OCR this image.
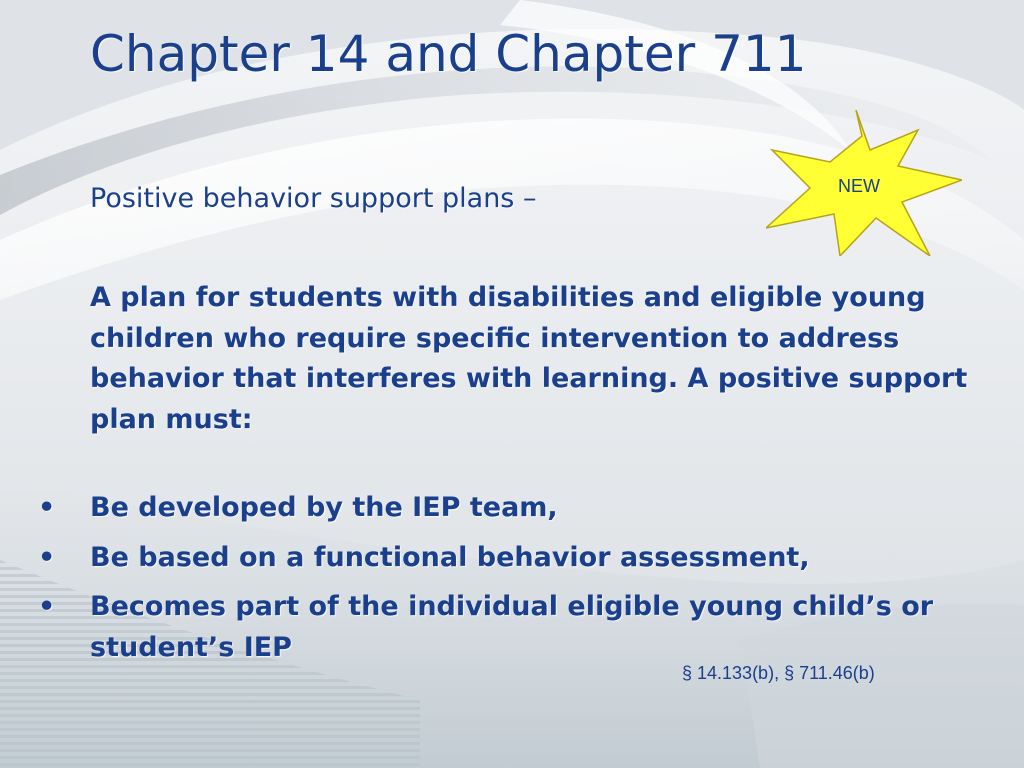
Chapter 14 and Chapter 711

Positive behavior support plans –	NEW
A plan for students with disabilities and eligible young children who require specific intervention to address behavior that interferes with learning. A positive support plan must:
• Be developed by the IEP team,
• Be based on a functional behavior assessment,
• Becomes part of the individual eligible young child’s or student’s IEP

§ 14.133(b), § 711.46(b)
